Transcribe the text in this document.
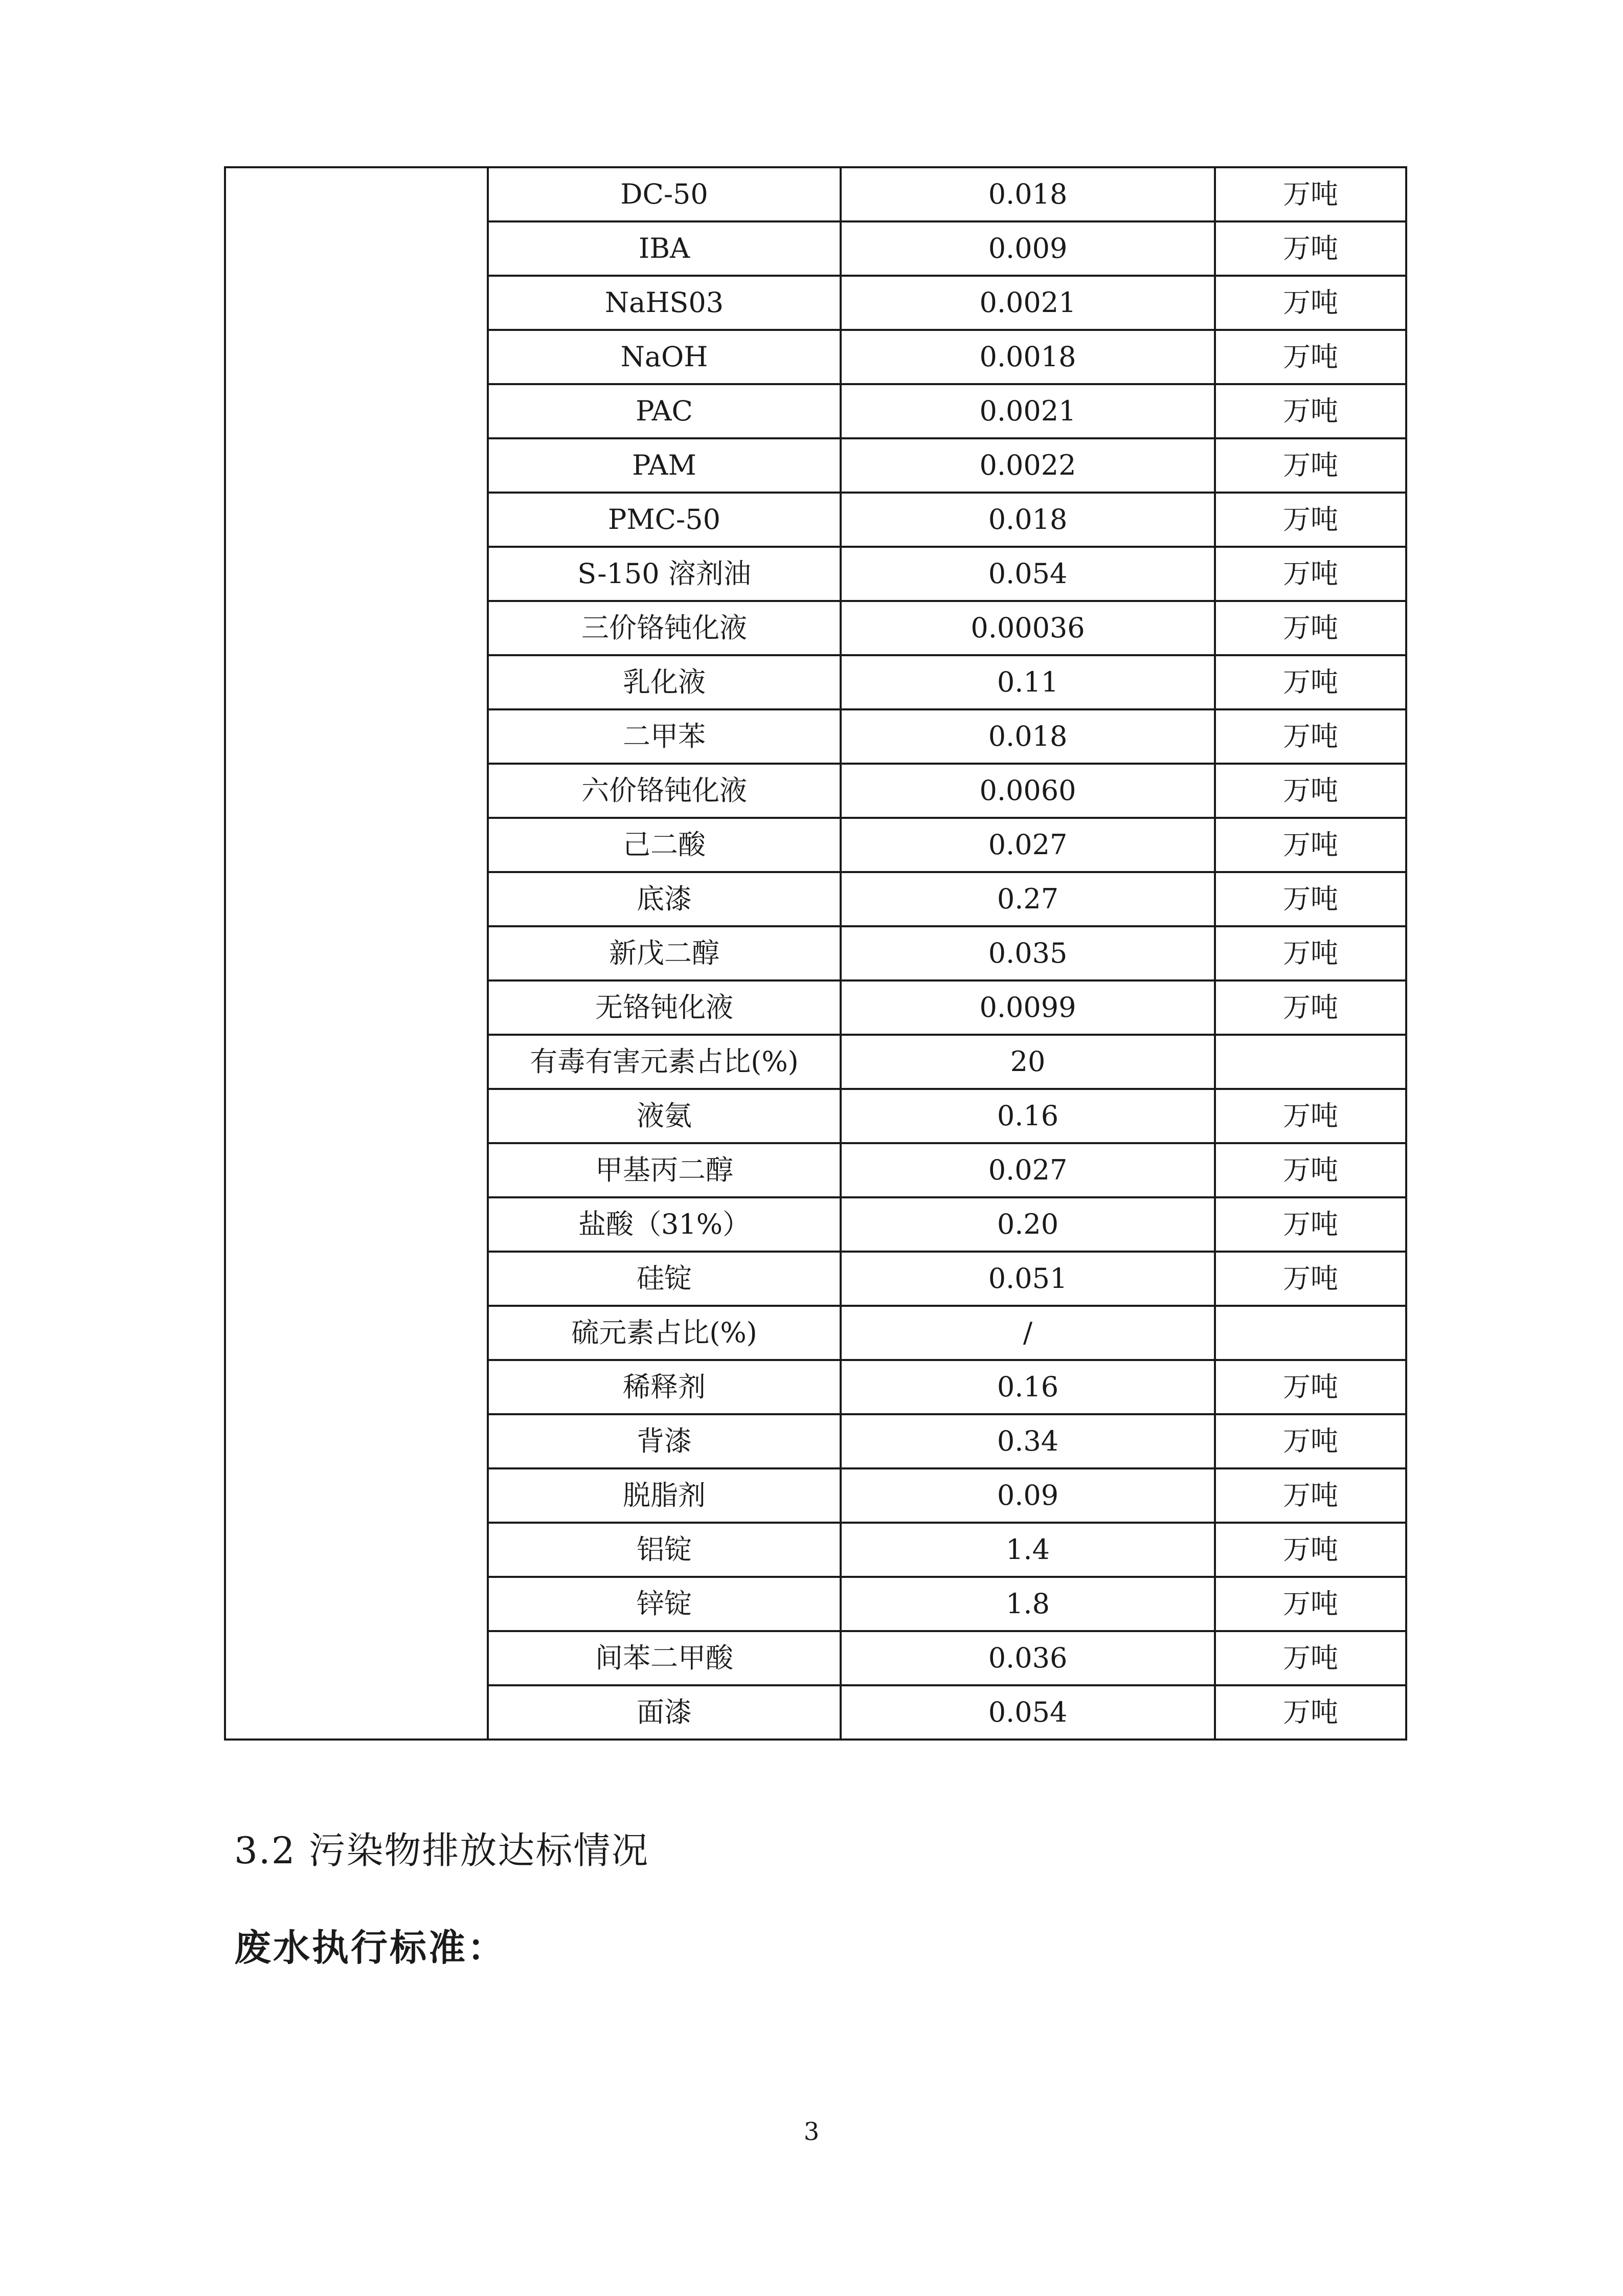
	DC-50	0.018	万吨
	IBA	0.009	万吨
	NaHS03	0.0021	万吨
	NaOH	0.0018	万吨
	PAC	0.0021	万吨
	PAM	0.0022	万吨
	PMC-50	0.018	万吨
	S-150 溶剂油	0.054	万吨
	三价铬钝化液	0.00036	万吨
	乳化液	0.11	万吨
	二甲苯	0.018	万吨
	六价铬钝化液	0.0060	万吨
	己二酸	0.027	万吨
	底漆	0.27	万吨
	新戊二醇	0.035	万吨
	无铬钝化液	0.0099	万吨
	有毒有害元素占比(%)	20	
	液氨	0.16	万吨
	甲基丙二醇	0.027	万吨
	盐酸（31%）	0.20	万吨
	硅锭	0.051	万吨
	硫元素占比(%)	/	
	稀释剂	0.16	万吨
	背漆	0.34	万吨
	脱脂剂	0.09	万吨
	铝锭	1.4	万吨
	锌锭	1.8	万吨
	间苯二甲酸	0.036	万吨
	面漆	0.054	万吨
3.2 污染物排放达标情况
废水执行标准：
3
